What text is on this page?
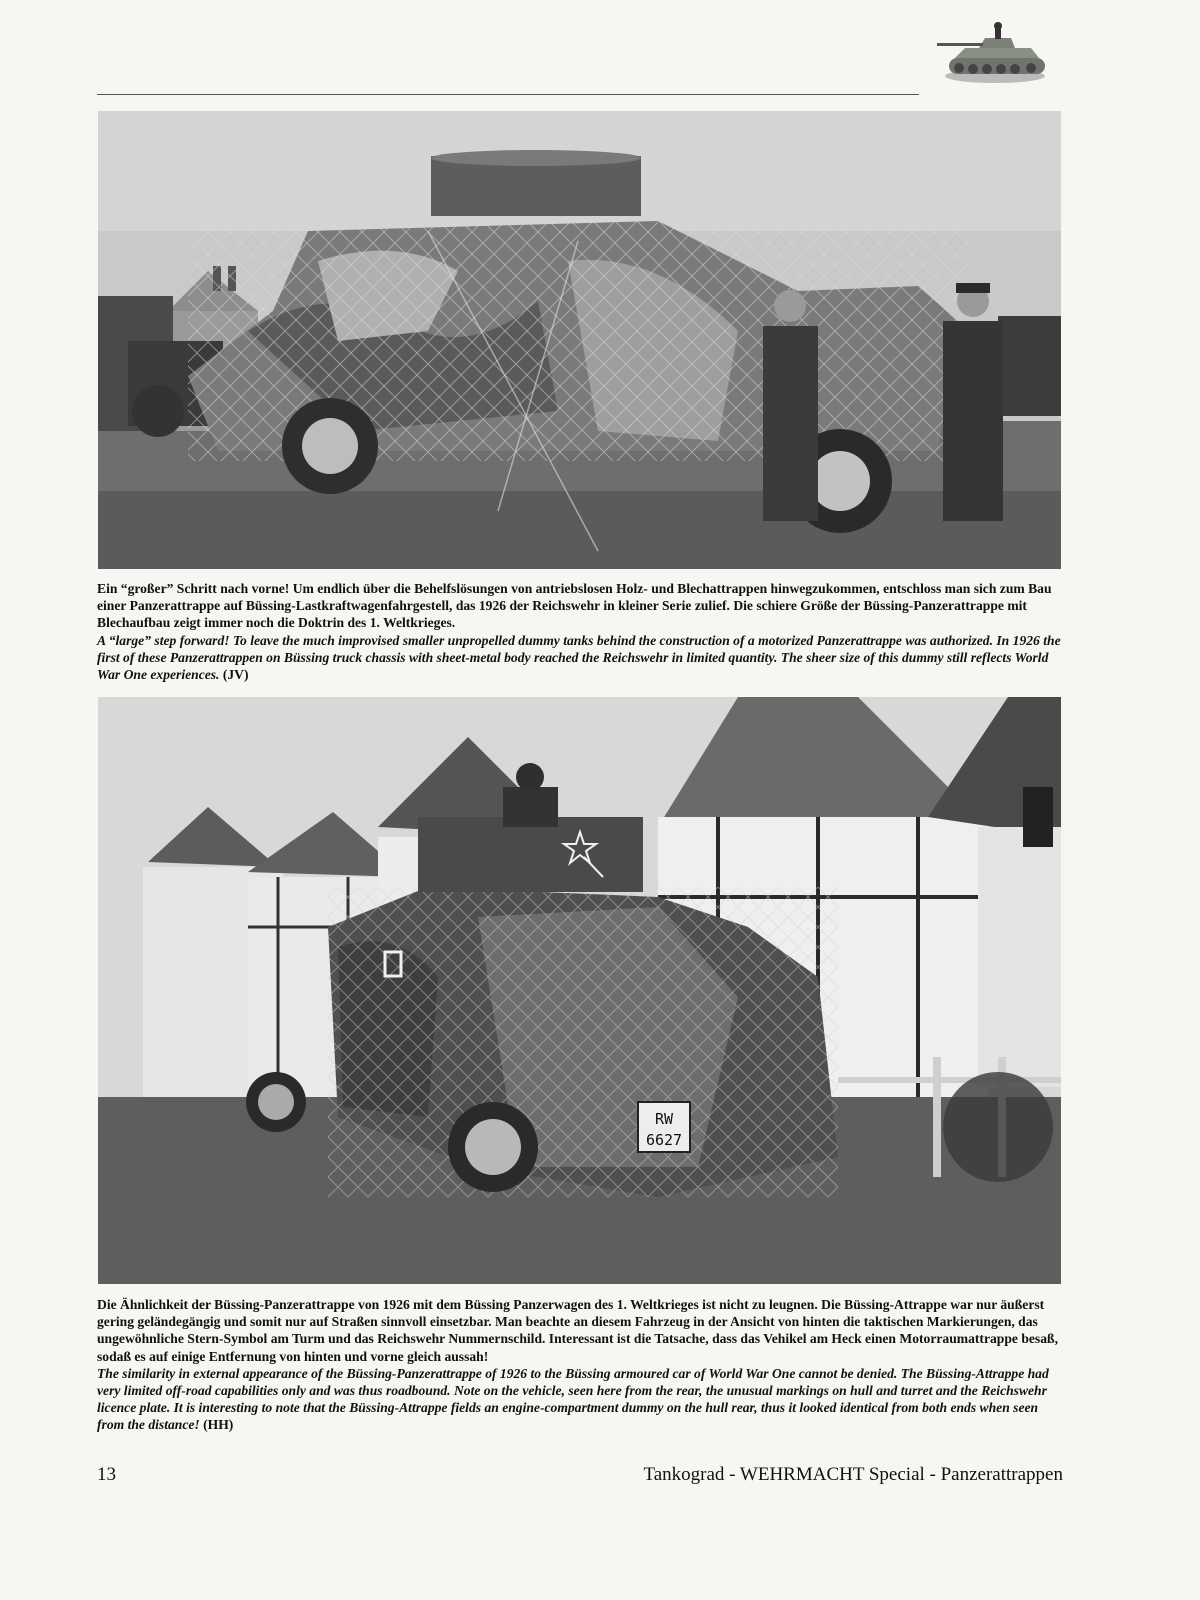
Ein “großer” Schritt nach vorne! Um endlich über die Behelfslösungen von antriebslosen Holz- und Blechattrappen hinwegzukommen, entschloss man sich zum Bau einer Panzerattrappe auf Büssing-Lastkraftwagenfahrgestell, das 1926 der Reichswehr in kleiner Serie zulief. Die schiere Größe der Büssing-Panzerattrappe mit Blechaufbau zeigt immer noch die Doktrin des 1. Weltkrieges.

A “large” step forward! To leave the much improvised smaller unpropelled dummy tanks behind the construction of a motorized Panzerattrappe was authorized. In 1926 the first of these Panzerattrappen on Büssing truck chassis with sheet-metal body reached the Reichswehr in limited quantity. The sheer size of this dummy still reflects World War One experiences. (JV)

RW
6627

Die Ähnlichkeit der Büssing-Panzerattrappe von 1926 mit dem Büssing Panzerwagen des 1. Weltkrieges ist nicht zu leugnen. Die Büssing-Attrappe war nur äußerst gering geländegängig und somit nur auf Straßen sinnvoll einsetzbar. Man beachte an diesem Fahrzeug in der Ansicht von hinten die taktischen Markierungen, das ungewöhnliche Stern-Symbol am Turm und das Reichswehr Nummernschild. Interessant ist die Tatsache, dass das Vehikel am Heck einen Motorraumattrappe besaß, sodaß es auf einige Entfernung von hinten und vorne gleich aussah!

The similarity in external appearance of the Büssing-Panzerattrappe of 1926 to the Büssing armoured car of World War One cannot be denied. The Büssing-Attrappe had very limited off-road capabilities only and was thus roadbound. Note on the vehicle, seen here from the rear, the unusual markings on hull and turret and the Reichswehr licence plate. It is interesting to note that the Büssing-Attrappe fields an engine-compartment dummy on the hull rear, thus it looked identical from both ends when seen from the distance! (HH)

13	Tankograd - WEHRMACHT Special - Panzerattrappen
